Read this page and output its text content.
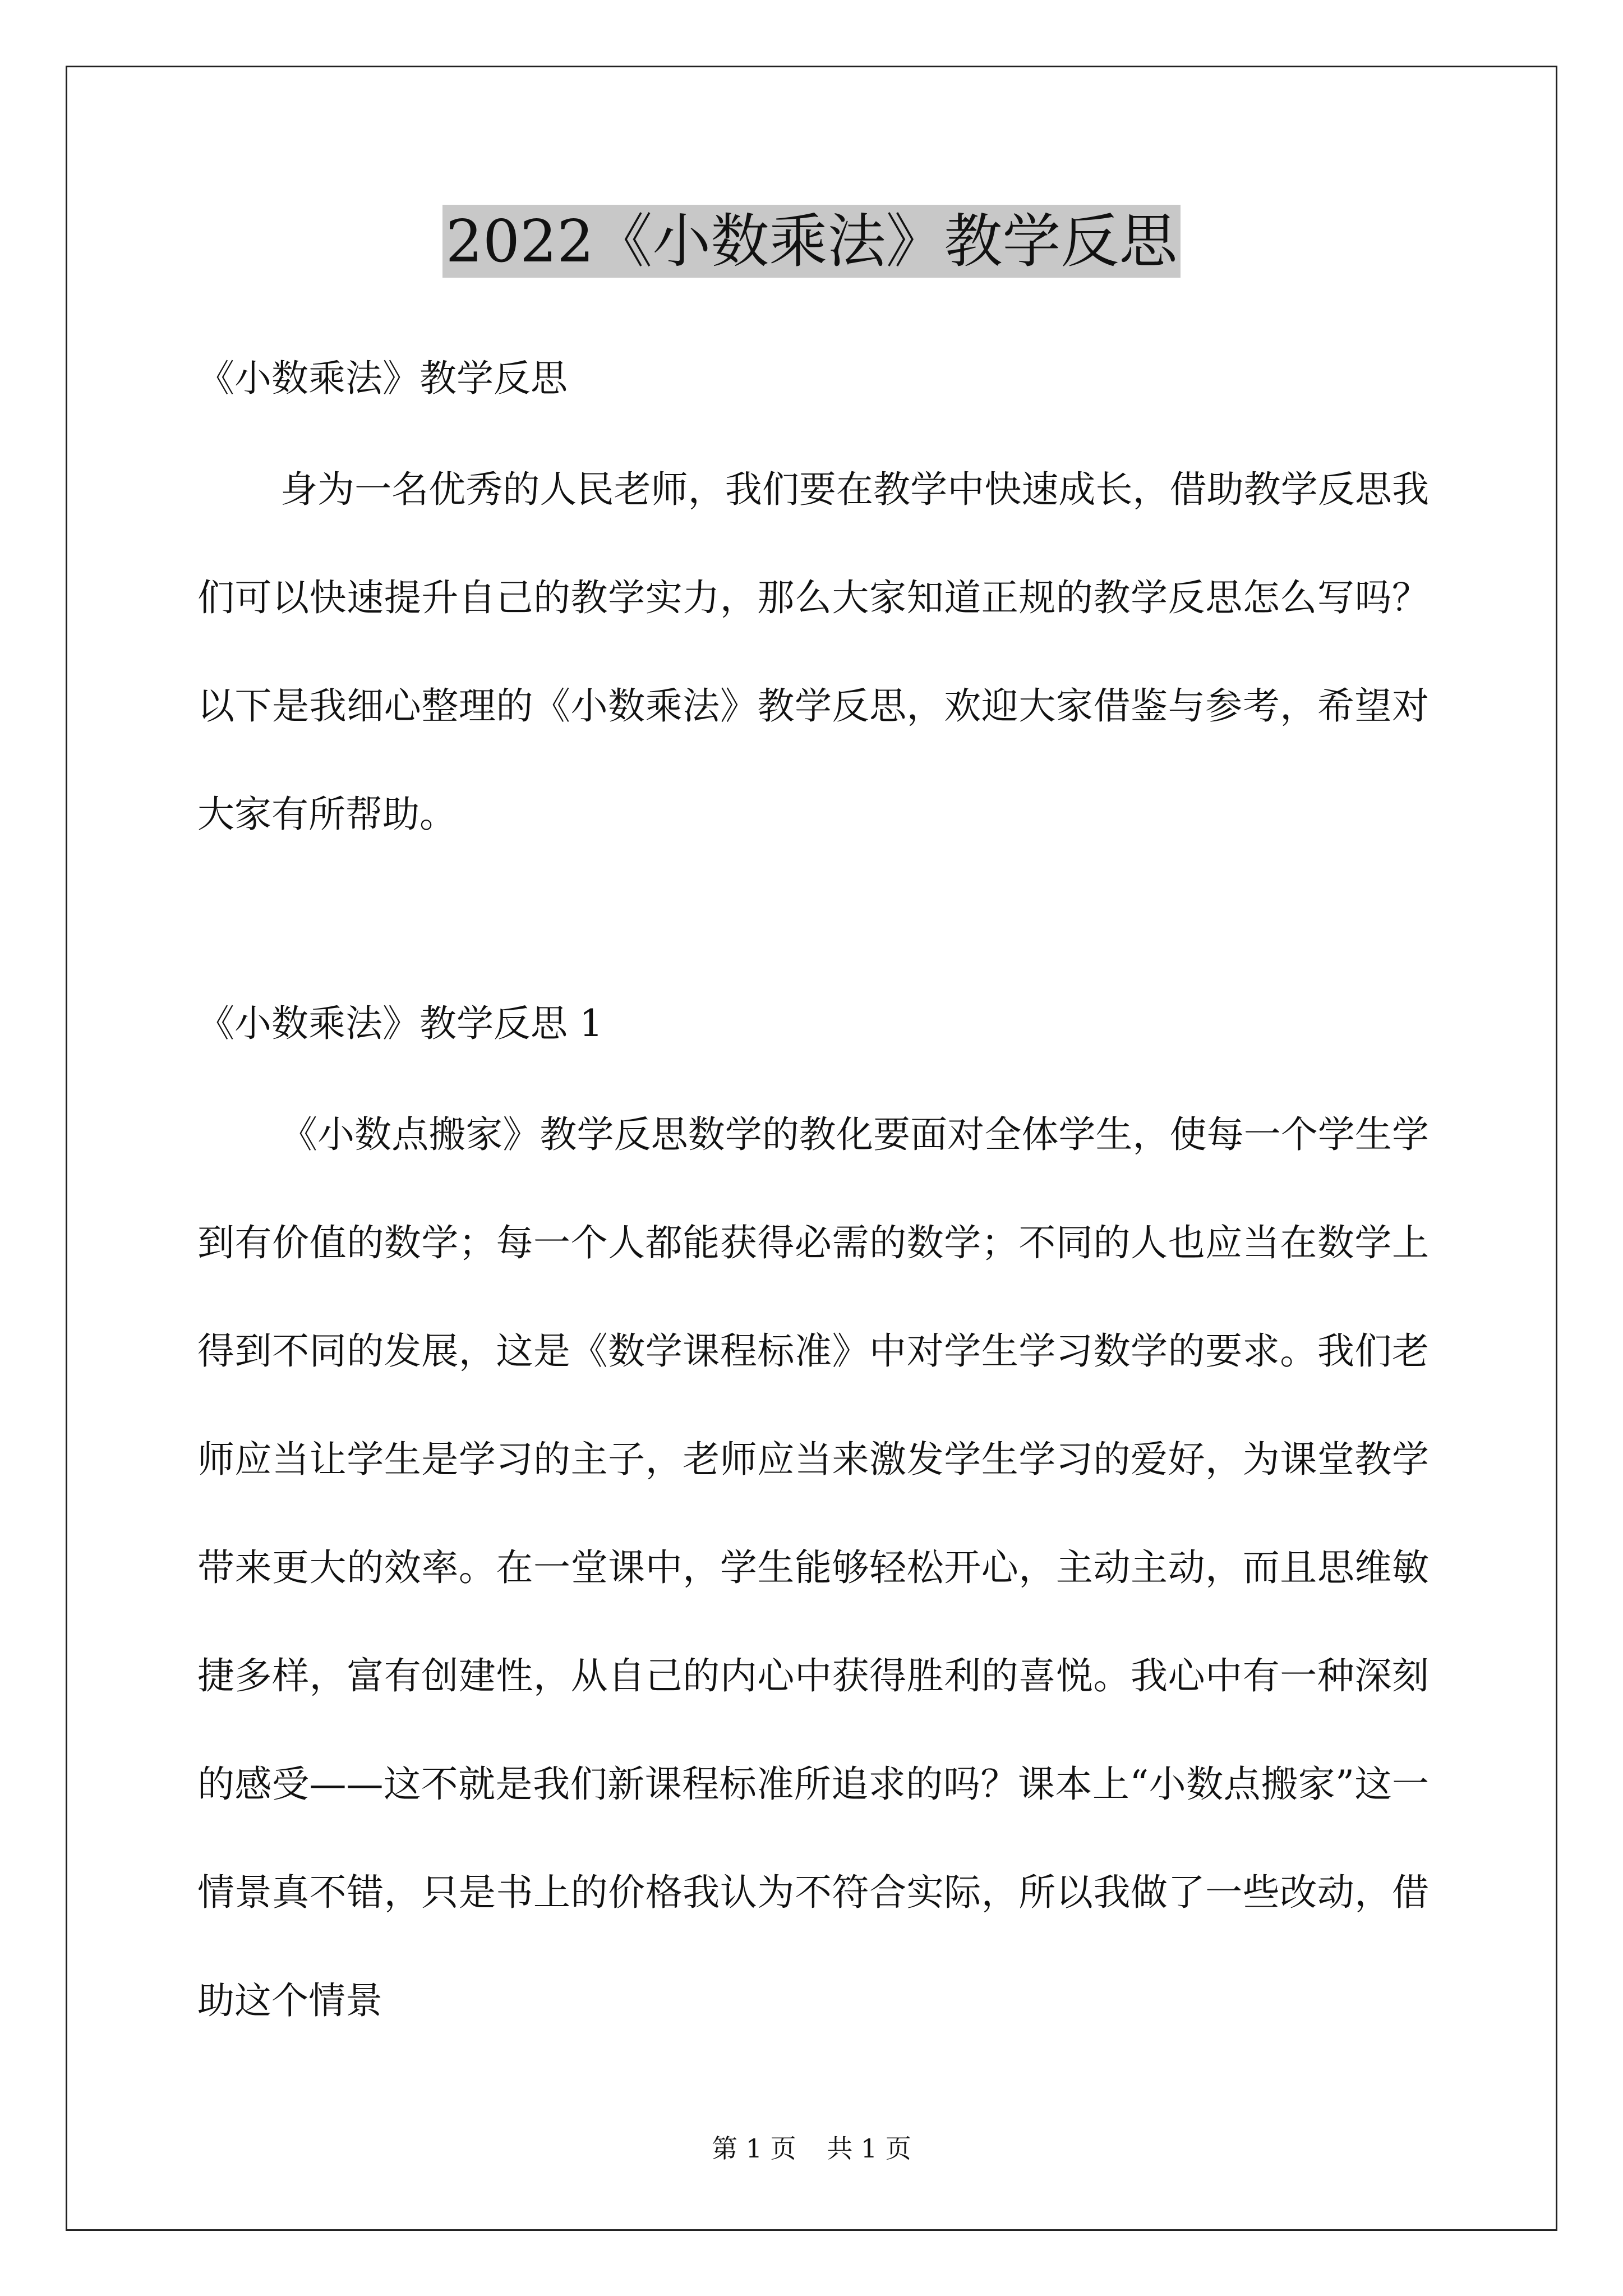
2022《小数乘法》教学反思

《小数乘法》教学反思

身为一名优秀的人民老师，我们要在教学中快速成长，借助教学反思我们可以快速提升自己的教学实力，那么大家知道正规的教学反思怎么写吗？以下是我细心整理的《小数乘法》教学反思，欢迎大家借鉴与参考，希望对大家有所帮助。

《小数乘法》教学反思 1

《小数点搬家》教学反思数学的教化要面对全体学生，使每一个学生学到有价值的数学；每一个人都能获得必需的数学；不同的人也应当在数学上得到不同的发展，这是《数学课程标准》中对学生学习数学的要求。我们老师应当让学生是学习的主子，老师应当来激发学生学习的爱好，为课堂教学带来更大的效率。在一堂课中，学生能够轻松开心，主动主动，而且思维敏捷多样，富有创建性，从自己的内心中获得胜利的喜悦。我心中有一种深刻的感受——这不就是我们新课程标准所追求的吗？课本上“小数点搬家”这一情景真不错，只是书上的价格我认为不符合实际，所以我做了一些改动，借助这个情景

第 1 页 共 1 页
